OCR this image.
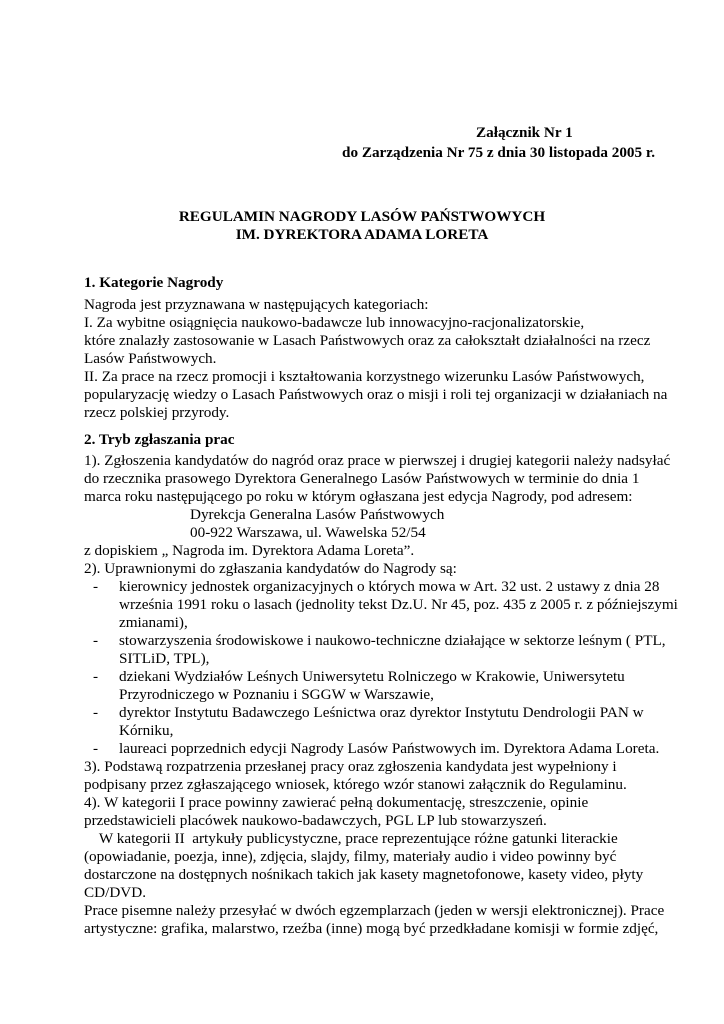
Załącznik Nr 1
do Zarządzenia Nr 75 z dnia 30 listopada 2005 r.
REGULAMIN NAGRODY LASÓW PAŃSTWOWYCH
IM. DYREKTORA ADAMA LORETA
1. Kategorie Nagrody
Nagroda jest przyznawana w następujących kategoriach:
I. Za wybitne osiągnięcia naukowo-badawcze lub innowacyjno-racjonalizatorskie,
które znalazły zastosowanie w Lasach Państwowych oraz za całokształt działalności na rzecz
Lasów Państwowych.
II. Za prace na rzecz promocji i kształtowania korzystnego wizerunku Lasów Państwowych,
popularyzację wiedzy o Lasach Państwowych oraz o misji i roli tej organizacji w działaniach na
rzecz polskiej przyrody.
2. Tryb zgłaszania prac
1). Zgłoszenia kandydatów do nagród oraz prace w pierwszej i drugiej kategorii należy nadsyłać
do rzecznika prasowego Dyrektora Generalnego Lasów Państwowych w terminie do dnia 1
marca roku następującego po roku w którym ogłaszana jest edycja Nagrody, pod adresem:
Dyrekcja Generalna Lasów Państwowych
00-922 Warszawa, ul. Wawelska 52/54
z dopiskiem „ Nagroda im. Dyrektora Adama Loreta”.
2). Uprawnionymi do zgłaszania kandydatów do Nagrody są:
- kierownicy jednostek organizacyjnych o których mowa w Art. 32 ust. 2 ustawy z dnia 28
września 1991 roku o lasach (jednolity tekst Dz.U. Nr 45, poz. 435 z 2005 r. z późniejszymi
zmianami),
- stowarzyszenia środowiskowe i naukowo-techniczne działające w sektorze leśnym ( PTL,
SITLiD, TPL),
- dziekani Wydziałów Leśnych Uniwersytetu Rolniczego w Krakowie, Uniwersytetu
Przyrodniczego w Poznaniu i SGGW w Warszawie,
- dyrektor Instytutu Badawczego Leśnictwa oraz dyrektor Instytutu Dendrologii PAN w
Kórniku,
- laureaci poprzednich edycji Nagrody Lasów Państwowych im. Dyrektora Adama Loreta.
3). Podstawą rozpatrzenia przesłanej pracy oraz zgłoszenia kandydata jest wypełniony i
podpisany przez zgłaszającego wniosek, którego wzór stanowi załącznik do Regulaminu.
4). W kategorii I prace powinny zawierać pełną dokumentację, streszczenie, opinie
przedstawicieli placówek naukowo-badawczych, PGL LP lub stowarzyszeń.
W kategorii II  artykuły publicystyczne, prace reprezentujące różne gatunki literackie
(opowiadanie, poezja, inne), zdjęcia, slajdy, filmy, materiały audio i video powinny być
dostarczone na dostępnych nośnikach takich jak kasety magnetofonowe, kasety video, płyty
CD/DVD.
Prace pisemne należy przesyłać w dwóch egzemplarzach (jeden w wersji elektronicznej). Prace
artystyczne: grafika, malarstwo, rzeźba (inne) mogą być przedkładane komisji w formie zdjęć,
